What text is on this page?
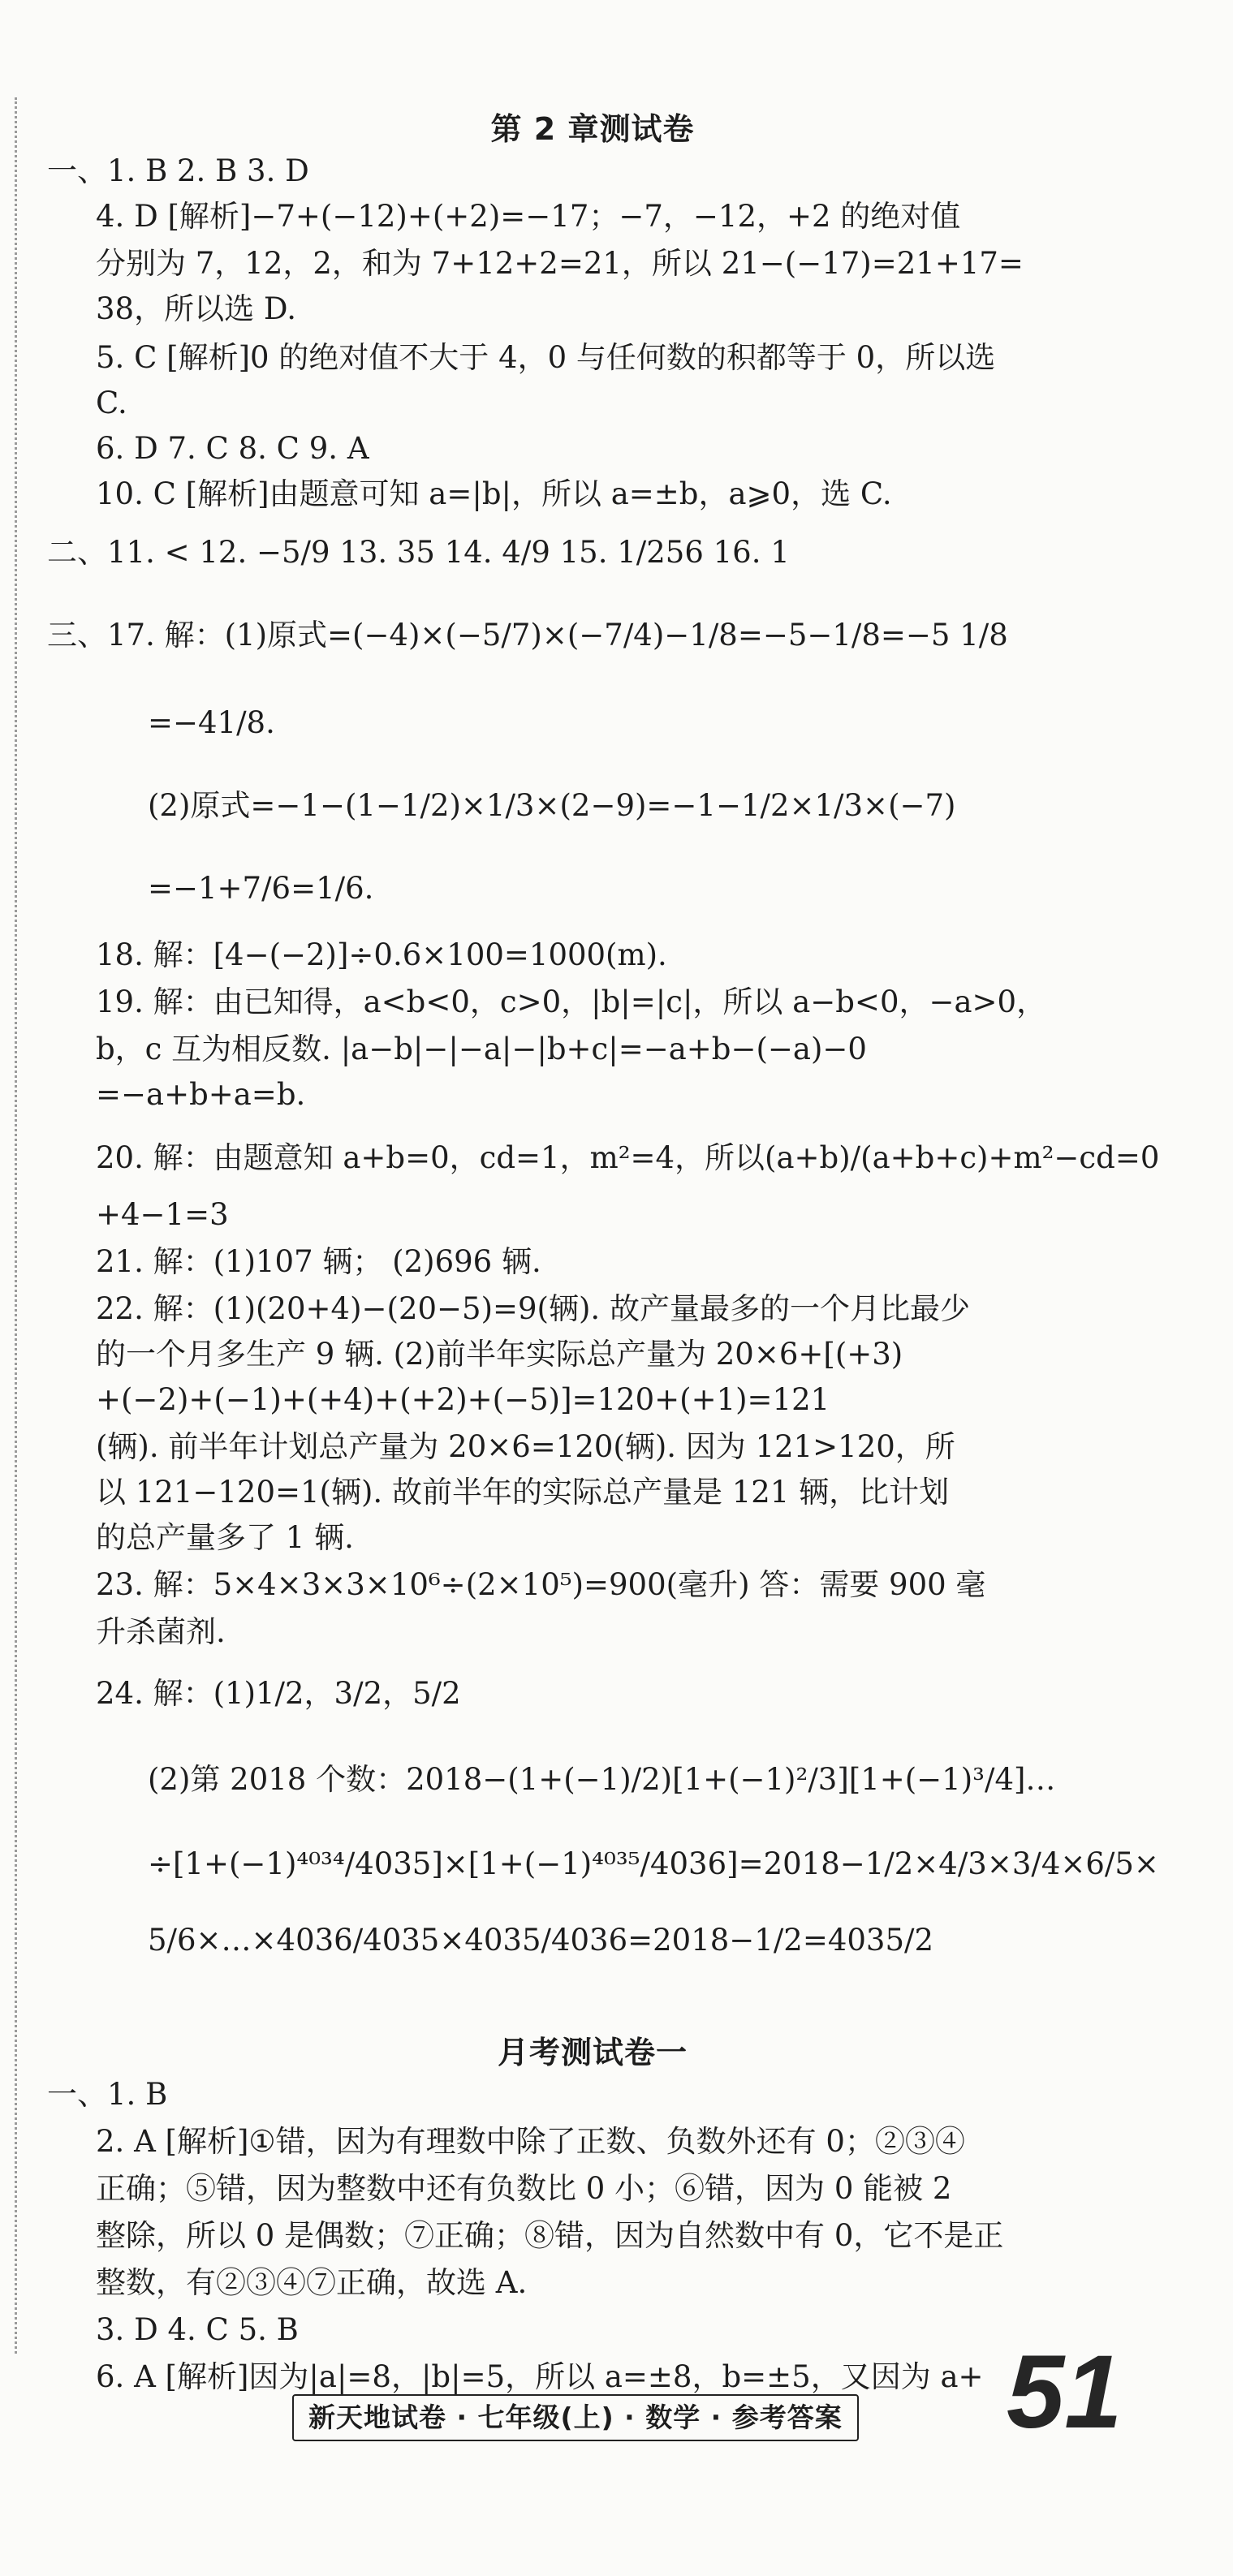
第 2 章测试卷
一、1. B 2. B 3. D
4. D [解析]−7+(−12)+(+2)=−17；−7，−12，+2 的绝对值
分别为 7，12，2，和为 7+12+2=21，所以 21−(−17)=21+17=
38，所以选 D.
5. C [解析]0 的绝对值不大于 4，0 与任何数的积都等于 0，所以选
C.
6. D 7. C 8. C 9. A
10. C [解析]由题意可知 a=|b|，所以 a=±b，a⩾0，选 C.
二、11. < 12. −5/9 13. 35 14. 4/9 15. 1/256 16. 1
三、17. 解：(1)原式=(−4)×(−5/7)×(−7/4)−1/8=−5−1/8=−5 1/8
=−41/8.
(2)原式=−1−(1−1/2)×1/3×(2−9)=−1−1/2×1/3×(−7)
=−1+7/6=1/6.
18. 解：[4−(−2)]÷0.6×100=1000(m).
19. 解：由已知得，a<b<0，c>0，|b|=|c|，所以 a−b<0，−a>0，
b，c 互为相反数. |a−b|−|−a|−|b+c|=−a+b−(−a)−0
=−a+b+a=b.
20. 解：由题意知 a+b=0，cd=1，m²=4，所以(a+b)/(a+b+c)+m²−cd=0
+4−1=3
21. 解：(1)107 辆； (2)696 辆.
22. 解：(1)(20+4)−(20−5)=9(辆). 故产量最多的一个月比最少
的一个月多生产 9 辆. (2)前半年实际总产量为 20×6+[(+3)
+(−2)+(−1)+(+4)+(+2)+(−5)]=120+(+1)=121
(辆). 前半年计划总产量为 20×6=120(辆). 因为 121>120，所
以 121−120=1(辆). 故前半年的实际总产量是 121 辆，比计划
的总产量多了 1 辆.
23. 解：5×4×3×3×10⁶÷(2×10⁵)=900(毫升) 答：需要 900 毫
升杀菌剂.
24. 解：(1)1/2，3/2，5/2
(2)第 2018 个数：2018−(1+(−1)/2)[1+(−1)²/3][1+(−1)³/4]…
÷[1+(−1)⁴⁰³⁴/4035]×[1+(−1)⁴⁰³⁵/4036]=2018−1/2×4/3×3/4×6/5×
5/6×…×4036/4035×4035/4036=2018−1/2=4035/2
月考测试卷一
一、1. B
2. A [解析]①错，因为有理数中除了正数、负数外还有 0；②③④
正确；⑤错，因为整数中还有负数比 0 小；⑥错，因为 0 能被 2
整除，所以 0 是偶数；⑦正确；⑧错，因为自然数中有 0，它不是正
整数，有②③④⑦正确，故选 A.
3. D 4. C 5. B
6. A [解析]因为|a|=8，|b|=5，所以 a=±8，b=±5，又因为 a+
新天地试卷 · 七年级(上) · 数学 · 参考答案 51
